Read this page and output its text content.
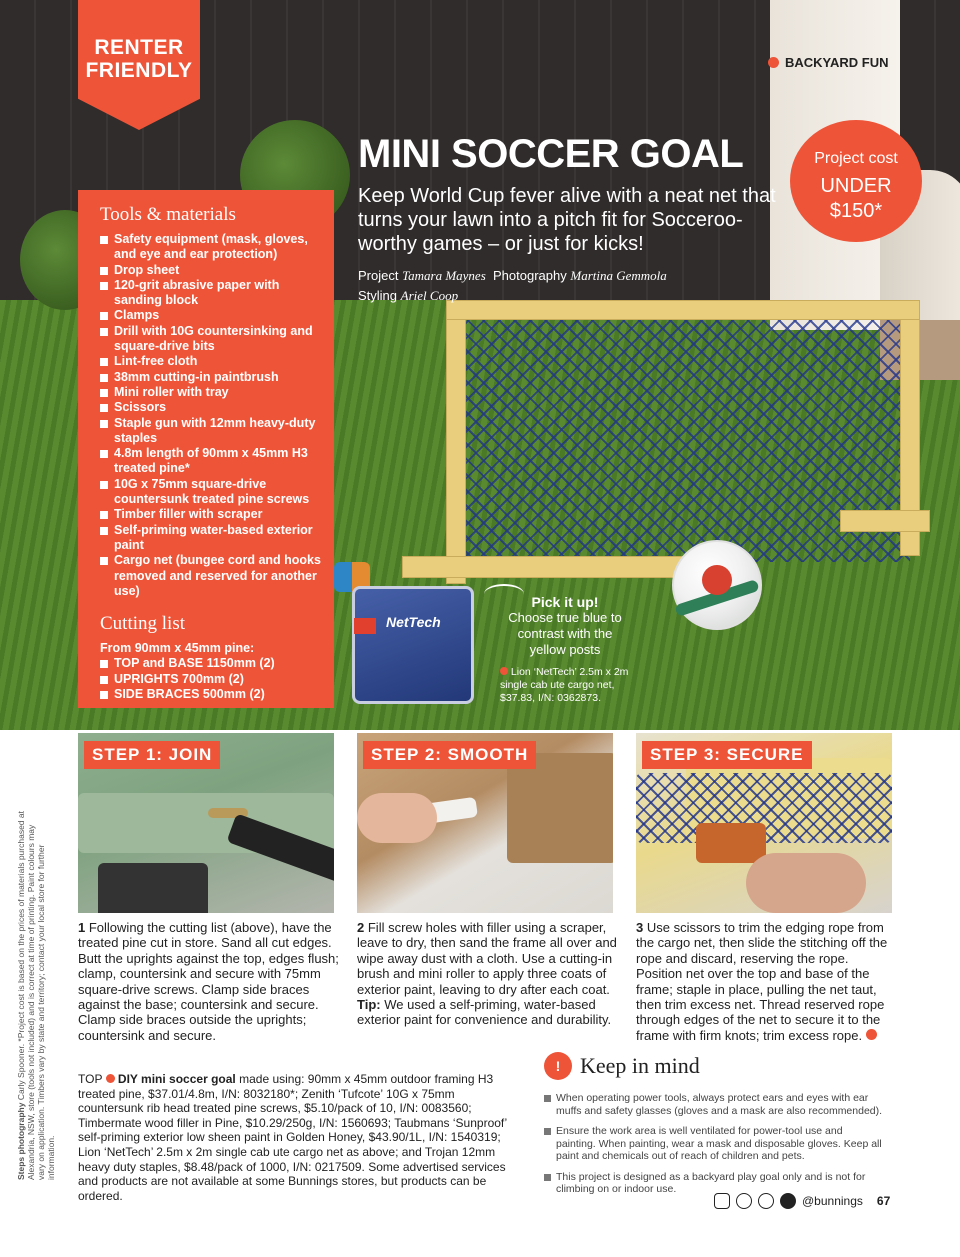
NetTech
RENTER
FRIENDLY	BACKYARD FUN
MINI SOCCER GOAL

Keep World Cup fever alive with a neat net that turns your lawn into a pitch fit for Socceroo-worthy games – or just for kicks!

Project Tamara Maynes Photography Martina Gemmola
Styling Ariel Coop
Project cost
UNDER
$150*
Tools & materials
Safety equipment (mask, gloves, and eye and ear protection)
Drop sheet
120-grit abrasive paper with sanding block
Clamps
Drill with 10G countersinking and square-drive bits
Lint-free cloth
38mm cutting-in paintbrush
Mini roller with tray
Scissors
Staple gun with 12mm heavy-duty staples
4.8m length of 90mm x 45mm H3 treated pine*
10G x 75mm square-drive countersunk treated pine screws
Timber filler with scraper
Self-priming water-based exterior paint
Cargo net (bungee cord and hooks removed and reserved for another use)
Cutting list
From 90mm x 45mm pine:
TOP and BASE 1150mm (2)
UPRIGHTS 700mm (2)
SIDE BRACES 500mm (2)
Pick it up!
Choose true blue to contrast with the yellow posts
Lion ‘NetTech’ 2.5m x 2m single cab ute cargo net, $37.83, I/N: 0362873.
STEP 1: JOIN	STEP 2: SMOOTH	STEP 3: SECURE

1 Following the cutting list (above), have the treated pine cut in store. Sand all cut edges. Butt the uprights against the top, edges flush; clamp, countersink and secure with 75mm square-drive screws. Clamp side braces against the base; countersink and secure. Clamp side braces outside the uprights; countersink and secure.

2 Fill screw holes with filler using a scraper, leave to dry, then sand the frame all over and wipe away dust with a cloth. Use a cutting-in brush and mini roller to apply three coats of exterior paint, leaving to dry after each coat. Tip: We used a self-priming, water-based exterior paint for convenience and durability.

3 Use scissors to trim the edging rope from the cargo net, then slide the stitching off the rope and discard, reserving the rope. Position net over the top and base of the frame; staple in place, pulling the net taut, then trim excess net. Thread reserved rope through edges of the net to secure it to the frame with firm knots; trim excess rope.

Steps photography Carly Spooner. *Project cost is based on the prices of materials purchased at Alexandria, NSW, store (tools not included) and is correct at time of printing. Paint colours may vary on application. Timbers vary by state and territory; contact your local store for further information.

TOP DIY mini soccer goal made using: 90mm x 45mm outdoor framing H3 treated pine, $37.01/4.8m, I/N: 8032180*; Zenith ‘Tufcote’ 10G x 75mm countersunk rib head treated pine screws, $5.10/pack of 10, I/N: 0083560; Timbermate wood filler in Pine, $10.29/250g, I/N: 1560693; Taubmans ‘Sunproof’ self-priming exterior low sheen paint in Golden Honey, $43.90/1L, I/N: 1540319; Lion ‘NetTech’ 2.5m x 2m single cab ute cargo net as above; and Trojan 12mm heavy duty staples, $8.48/pack of 1000, I/N: 0217509. Some advertised services and products are not available at some Bunnings stores, but products can be ordered.

! Keep in mind
When operating power tools, always protect ears and eyes with ear muffs and safety glasses (gloves and a mask are also recommended).
Ensure the work area is well ventilated for power-tool use and painting. When painting, wear a mask and disposable gloves. Keep all paint and chemicals out of reach of children and pets.
This project is designed as a backyard play goal only and is not for climbing on or indoor use.
@bunnings 67
